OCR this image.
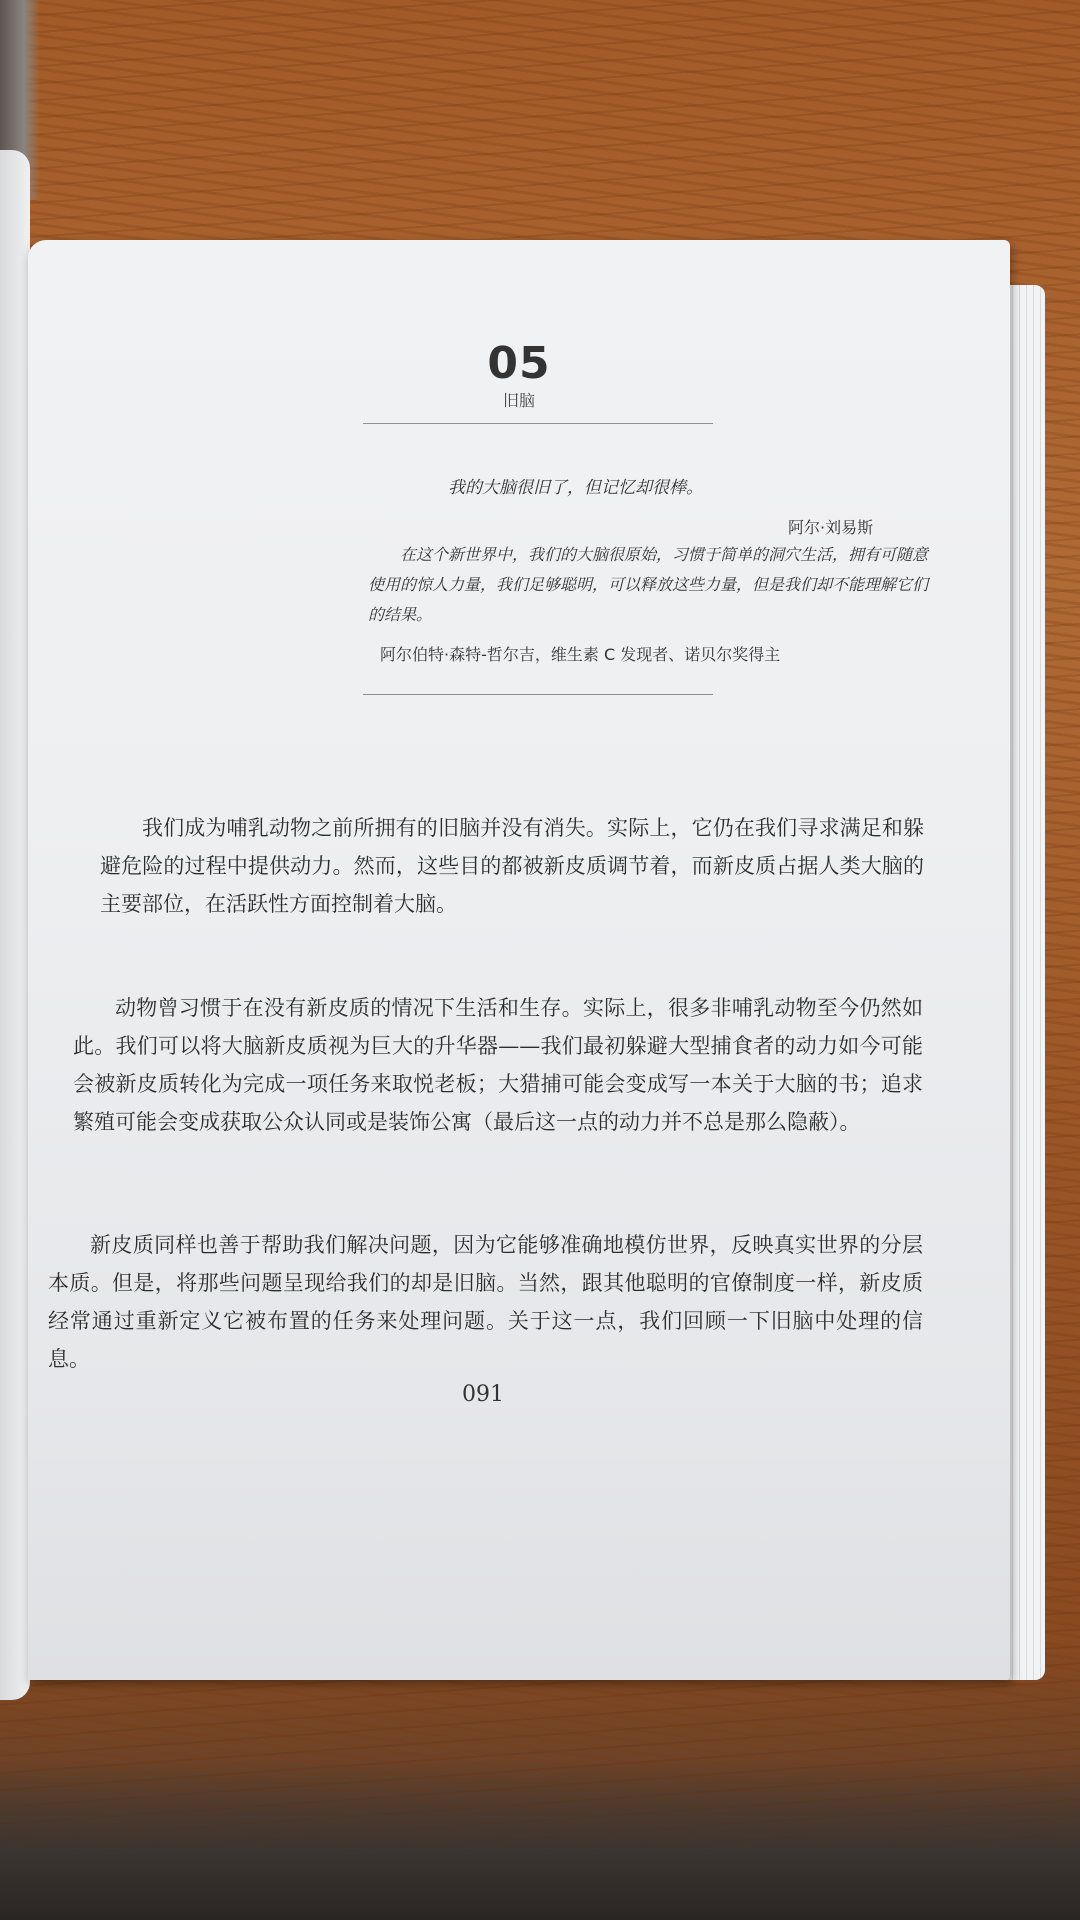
05
旧脑
我的大脑很旧了，但记忆却很棒。
阿尔·刘易斯
在这个新世界中，我们的大脑很原始，习惯于简单的洞穴生活，拥有可随意使用的惊人力量，我们足够聪明，可以释放这些力量，但是我们却不能理解它们的结果。
阿尔伯特·森特-哲尔吉，维生素 C 发现者、诺贝尔奖得主

我们成为哺乳动物之前所拥有的旧脑并没有消失。实际上，它仍在我们寻求满足和躲避危险的过程中提供动力。然而，这些目的都被新皮质调节着，而新皮质占据人类大脑的主要部位，在活跃性方面控制着大脑。

动物曾习惯于在没有新皮质的情况下生活和生存。实际上，很多非哺乳动物至今仍然如此。我们可以将大脑新皮质视为巨大的升华器——我们最初躲避大型捕食者的动力如今可能会被新皮质转化为完成一项任务来取悦老板；大猎捕可能会变成写一本关于大脑的书；追求繁殖可能会变成获取公众认同或是装饰公寓（最后这一点的动力并不总是那么隐蔽）。

新皮质同样也善于帮助我们解决问题，因为它能够准确地模仿世界，反映真实世界的分层本质。但是，将那些问题呈现给我们的却是旧脑。当然，跟其他聪明的官僚制度一样，新皮质经常通过重新定义它被布置的任务来处理问题。关于这一点，我们回顾一下旧脑中处理的信息。

091
